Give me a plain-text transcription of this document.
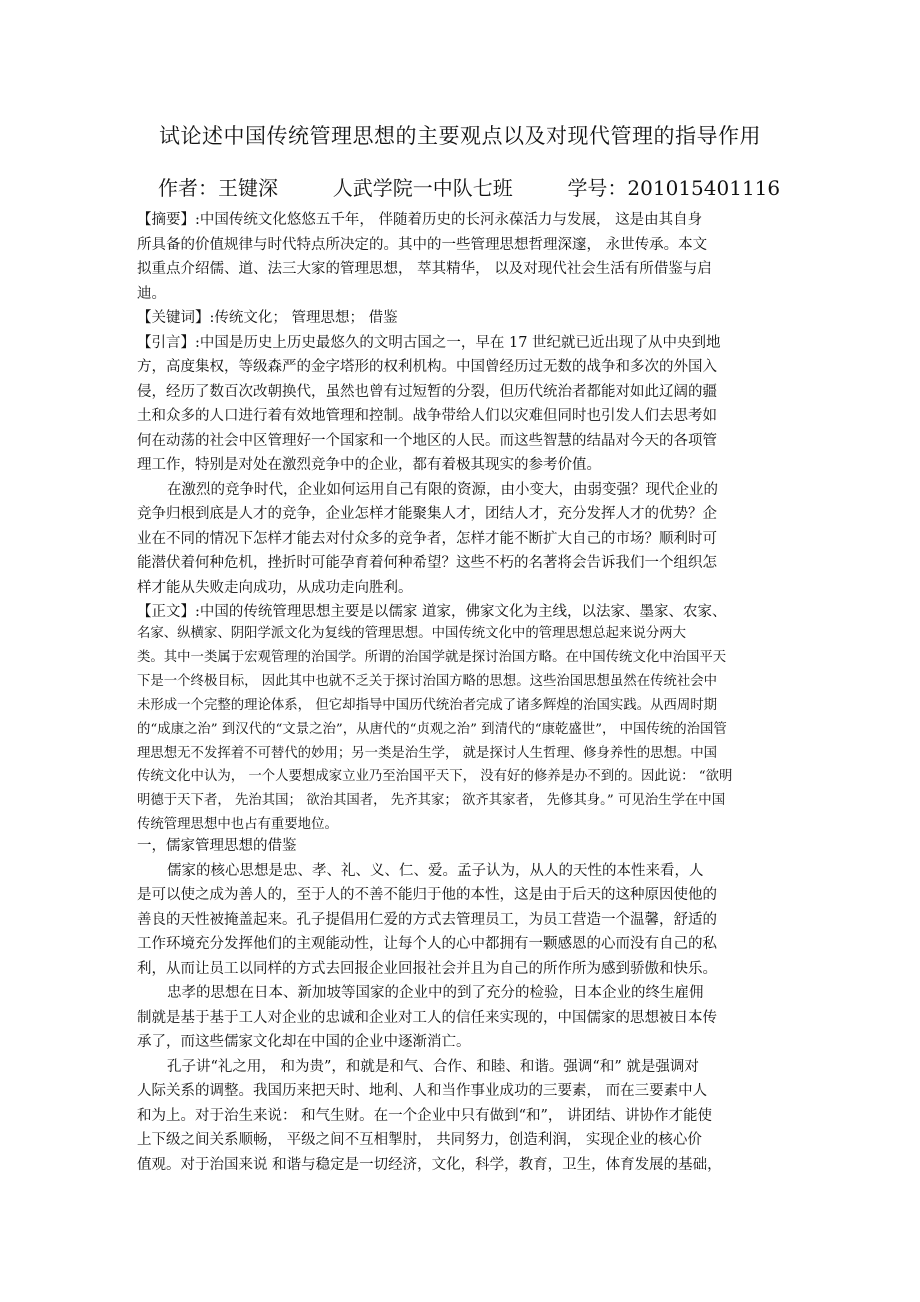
试论述中国传统管理思想的主要观点以及对现代管理的指导作用
作者：王键深	人武学院一中队七班	学号：201015401116

【摘要】:中国传统文化悠悠五千年， 伴随着历史的长河永葆活力与发展， 这是由其自身

所具备的价值规律与时代特点所决定的。其中的一些管理思想哲理深邃， 永世传承。本文

拟重点介绍儒、道、法三大家的管理思想， 萃其精华， 以及对现代社会生活有所借鉴与启

迪。

【关键词】:传统文化； 管理思想； 借鉴

【引言】:中国是历史上历史最悠久的文明古国之一，早在 17 世纪就已近出现了从中央到地

方，高度集权，等级森严的金字塔形的权利机构。中国曾经历过无数的战争和多次的外国入

侵，经历了数百次改朝换代，虽然也曾有过短暂的分裂，但历代统治者都能对如此辽阔的疆

土和众多的人口进行着有效地管理和控制。战争带给人们以灾难但同时也引发人们去思考如

何在动荡的社会中区管理好一个国家和一个地区的人民。而这些智慧的结晶对今天的各项管

理工作，特别是对处在激烈竞争中的企业，都有着极其现实的参考价值。

在激烈的竞争时代，企业如何运用自己有限的资源，由小变大，由弱变强？现代企业的

竞争归根到底是人才的竞争，企业怎样才能聚集人才，团结人才，充分发挥人才的优势？企

业在不同的情况下怎样才能去对付众多的竞争者，怎样才能不断扩大自己的市场？顺利时可

能潜伏着何种危机，挫折时可能孕育着何种希望？这些不朽的名著将会告诉我们一个组织怎

样才能从失败走向成功，从成功走向胜利。

【正文】:中国的传统管理思想主要是以儒家 道家，佛家文化为主线，以法家、墨家、农家、

名家、纵横家、阴阳学派文化为复线的管理思想。中国传统文化中的管理思想总起来说分两大

类。其中一类属于宏观管理的治国学。所谓的治国学就是探讨治国方略。在中国传统文化中治国平天

下是一个终极目标， 因此其中也就不乏关于探讨治国方略的思想。这些治国思想虽然在传统社会中

未形成一个完整的理论体系， 但它却指导中国历代统治者完成了诸多辉煌的治国实践。从西周时期

的“成康之治” 到汉代的“文景之治”，从唐代的“贞观之治” 到清代的“康乾盛世”， 中国传统的治国管

理思想无不发挥着不可替代的妙用；另一类是治生学， 就是探讨人生哲理、修身养性的思想。中国

传统文化中认为， 一个人要想成家立业乃至治国平天下， 没有好的修养是办不到的。因此说： “欲明

明德于天下者， 先治其国； 欲治其国者， 先齐其家； 欲齐其家者， 先修其身。” 可见治生学在中国

传统管理思想中也占有重要地位。

一，儒家管理思想的借鉴

儒家的核心思想是忠、孝、礼、义、仁、爱。孟子认为，从人的天性的本性来看，人

是可以使之成为善人的，至于人的不善不能归于他的本性，这是由于后天的这种原因使他的

善良的天性被掩盖起来。孔子提倡用仁爱的方式去管理员工，为员工营造一个温馨，舒适的

工作环境充分发挥他们的主观能动性，让每个人的心中都拥有一颗感恩的心而没有自己的私

利，从而让员工以同样的方式去回报企业回报社会并且为自己的所作所为感到骄傲和快乐。

忠孝的思想在日本、新加坡等国家的企业中的到了充分的检验，日本企业的终生雇佣

制就是基于基于工人对企业的忠诚和企业对工人的信任来实现的，中国儒家的思想被日本传

承了，而这些儒家文化却在中国的企业中逐渐消亡。

孔子讲“礼之用， 和为贵”，和就是和气、合作、和睦、和谐。强调“和” 就是强调对

人际关系的调整。我国历来把天时、地利、人和当作事业成功的三要素， 而在三要素中人

和为上。对于治生来说： 和气生财。在一个企业中只有做到“和”， 讲团结、讲协作才能使

上下级之间关系顺畅， 平级之间不互相掣肘， 共同努力，创造利润， 实现企业的核心价

值观。对于治国来说 和谐与稳定是一切经济，文化，科学，教育，卫生，体育发展的基础，
